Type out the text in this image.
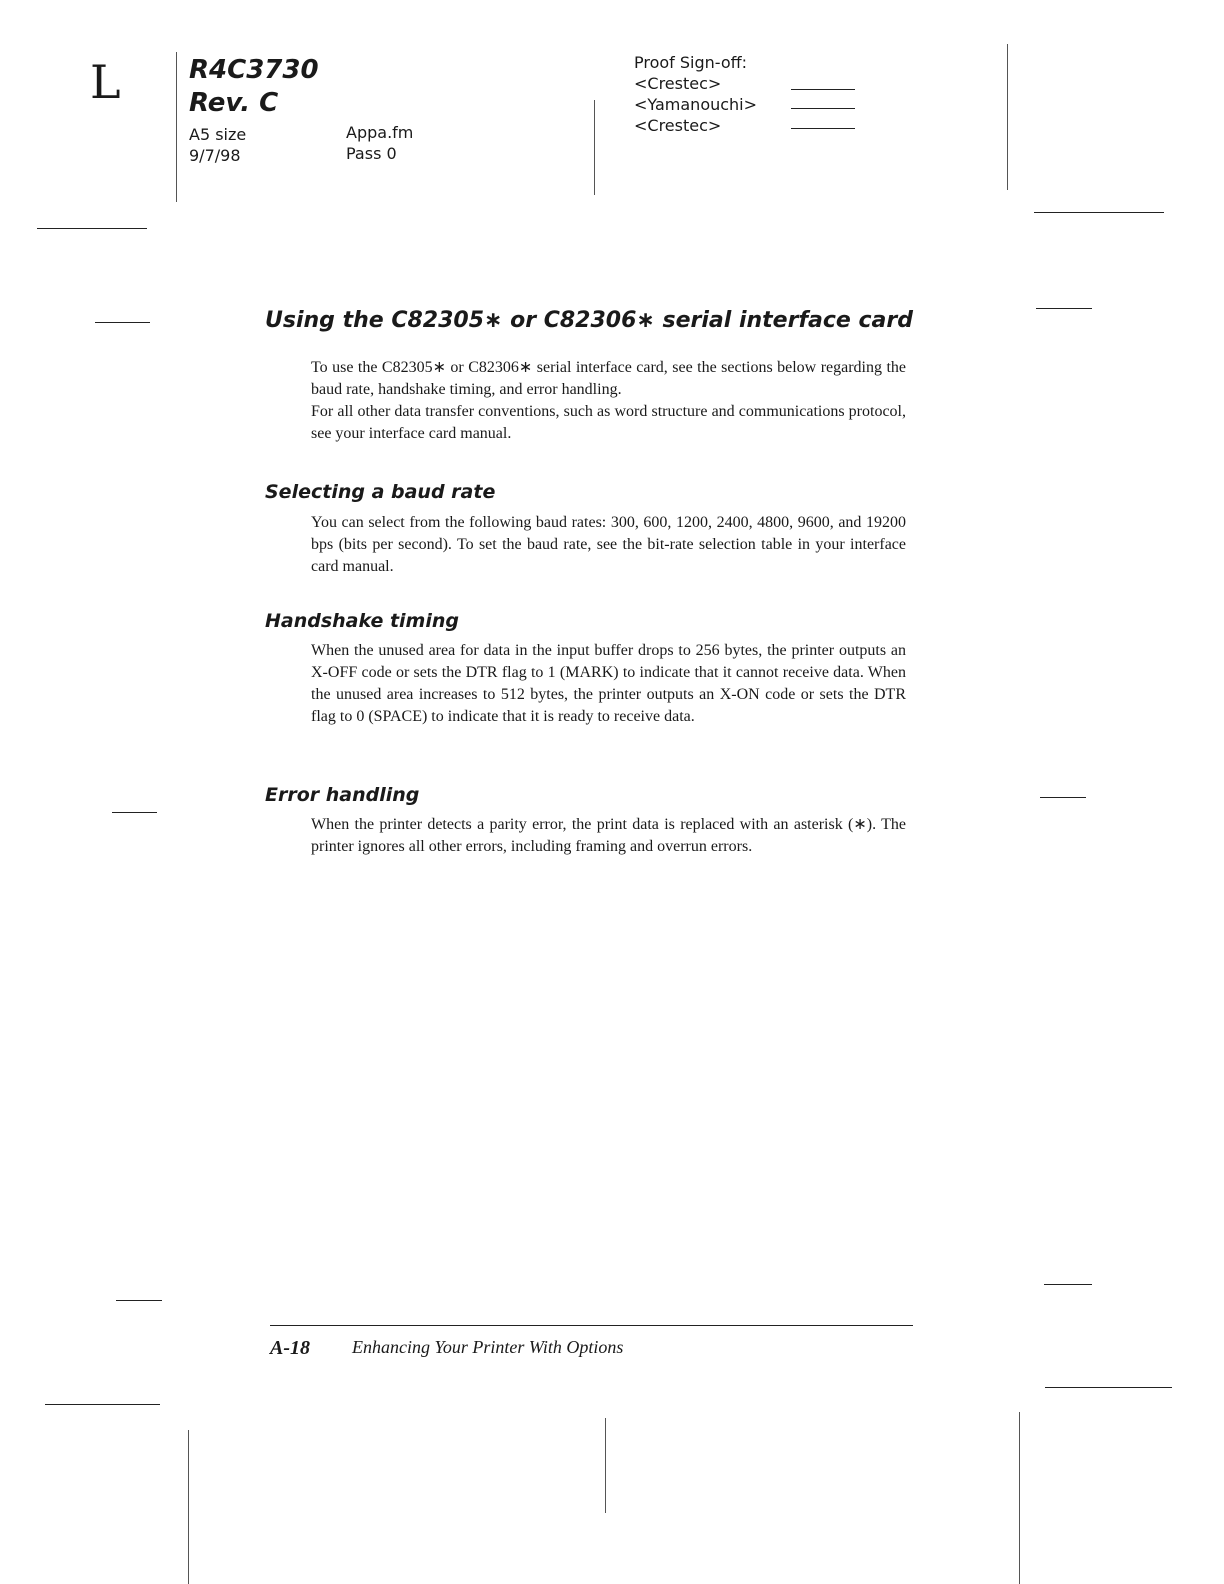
L	R4C3730
Rev. C
A5 size
9/7/98
Appa.fm
Pass 0
Proof Sign-off:
<Crestec>
<Yamanouchi>
<Crestec>
Using the C82305∗ or C82306∗ serial interface card

To use the C82305∗ or C82306∗ serial interface card, see the sections below regarding the baud rate, handshake timing, and error handling.

For all other data transfer conventions, such as word structure and communications protocol, see your interface card manual.

Selecting a baud rate

You can select from the following baud rates: 300, 600, 1200, 2400, 4800, 9600, and 19200 bps (bits per second). To set the baud rate, see the bit-rate selection table in your interface card manual.

Handshake timing

When the unused area for data in the input buffer drops to 256 bytes, the printer outputs an X-OFF code or sets the DTR flag to 1 (MARK) to indicate that it cannot receive data. When the unused area increases to 512 bytes, the printer outputs an X-ON code or sets the DTR flag to 0 (SPACE) to indicate that it is ready to receive data.

Error handling

When the printer detects a parity error, the print data is replaced with an asterisk (∗). The printer ignores all other errors, including framing and overrun errors.

A-18 Enhancing Your Printer With Options
